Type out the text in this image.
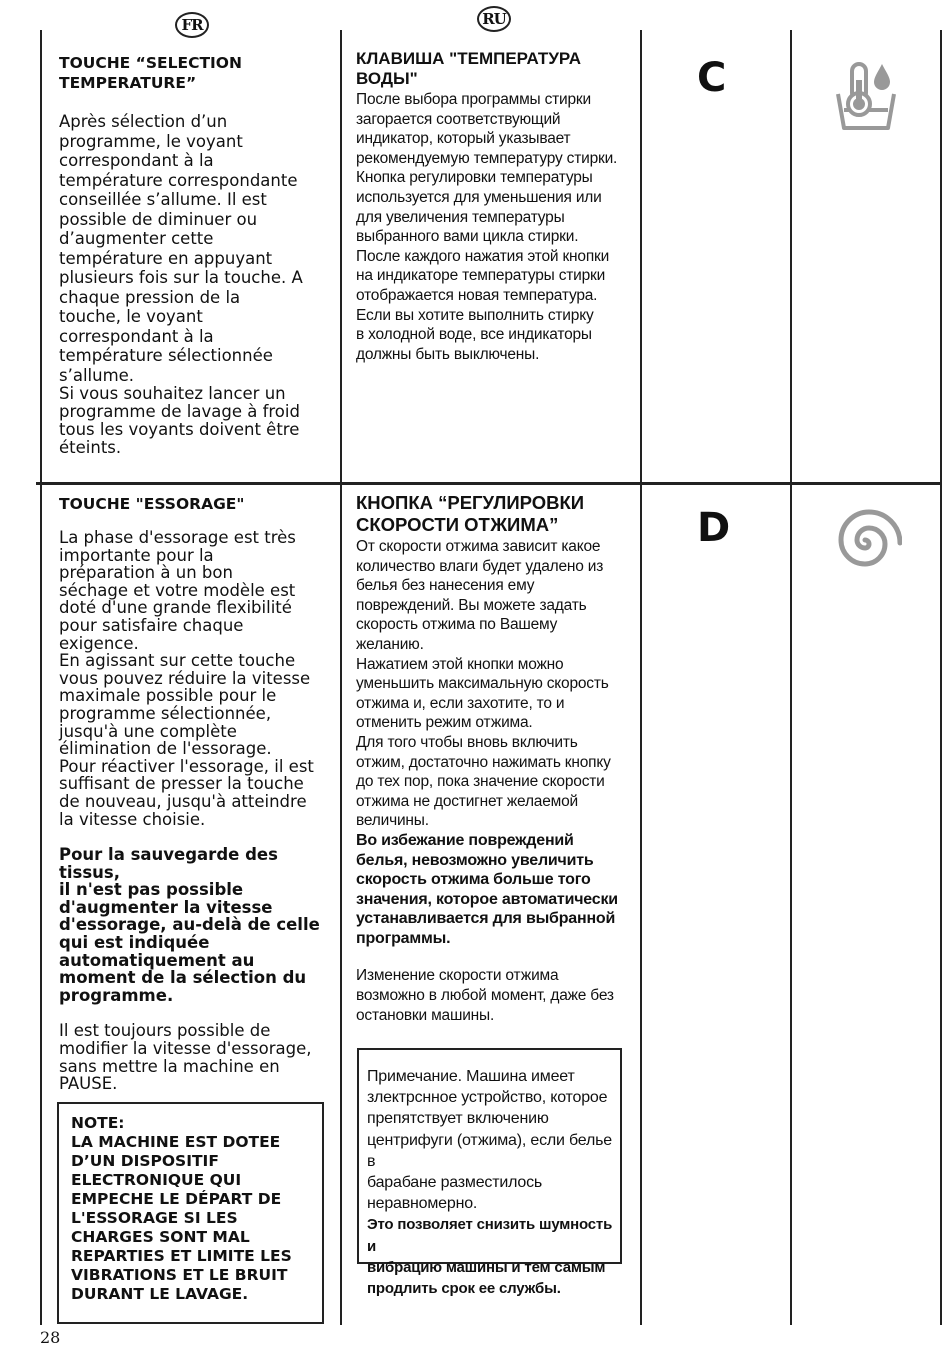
FR	RU

TOUCHE “SELECTION
TEMPERATURE”

Après sélection d’un
programme, le voyant
correspondant à la
température correspondante
conseillée s’allume. Il est
possible de diminuer ou
d’augmenter cette
température en appuyant
plusieurs fois sur la touche. A
chaque pression de la
touche, le voyant
correspondant à la
température sélectionnée
s’allume.

Si vous souhaitez lancer un
programme de lavage à froid
tous les voyants doivent être
éteints.

КЛАВИША "ТЕМПЕРАТУРА
ВОДЫ"

После выбора программы стирки
загорается соответствующий
индикатор, который указывает
рекомендуемую температуру стирки.
Кнопка регулировки температуры
используется для уменьшения или
для увеличения температуры
выбранного вами цикла стирки.
После каждого нажатия этой кнопки
на индикаторе температуры стирки
отображается новая температура.
Если вы хотите выполнить стирку
в холодной воде, все индикаторы
должны быть выключены.

C

TOUCHE "ESSORAGE"

La phase d'essorage est très
importante pour la
préparation à un bon
séchage et votre modèle est
doté d'une grande flexibilité
pour satisfaire chaque
exigence.
En agissant sur cette touche
vous pouvez réduire la vitesse
maximale possible pour le
programme sélectionnée,
jusqu'à une complète
élimination de l'essorage.
Pour réactiver l'essorage, il est
suffisant de presser la touche
de nouveau, jusqu'à atteindre
la vitesse choisie.

Pour la sauvegarde des tissus,
il n'est pas possible
d'augmenter la vitesse
d'essorage, au-delà de celle
qui est indiquée
automatiquement au
moment de la sélection du
programme.

Il est toujours possible de
modifier la vitesse d'essorage,
sans mettre la machine en
PAUSE.

NOTE:
LA MACHINE EST DOTEE
D’UN DISPOSITIF
ELECTRONIQUE QUI
EMPECHE LE DÉPART DE
L'ESSORAGE SI LES
CHARGES SONT MAL
REPARTIES ET LIMITE LES
VIBRATIONS ET LE BRUIT
DURANT LE LAVAGE.

КНОПКА “РЕГУЛИРОВКИ
СКОРОСТИ ОТЖИМА”

От скорости отжима зависит какое
количество влаги будет удалено из
белья без нанесения ему
повреждений. Вы можете задать
скорость отжима по Вашему
желанию.
Нажатием этой кнопки можно
уменьшить максимальную скорость
отжима и, если захотите, то и
отменить режим отжима.
Для того чтобы вновь включить
отжим, достаточно нажимать кнопку
до тех пор, пока значение скорости
отжима не достигнет желаемой
величины.

Во избежание повреждений
белья, невозможно увеличить
скорость отжима больше того
значения, которое автоматически
устанавливается для выбранной
программы.

Изменение скорости отжима
возможно в любой момент, даже без
остановки машины.

Примечание. Машина имеет
злектрснное устройство, которое
препятствует включению
центрифуги (отжима), если белье в
барабане разместилось
неравномерно.

Это позволяет снизить шумность и
вибрацию машины и тем самым
продлить срок ее службы.

D
28
